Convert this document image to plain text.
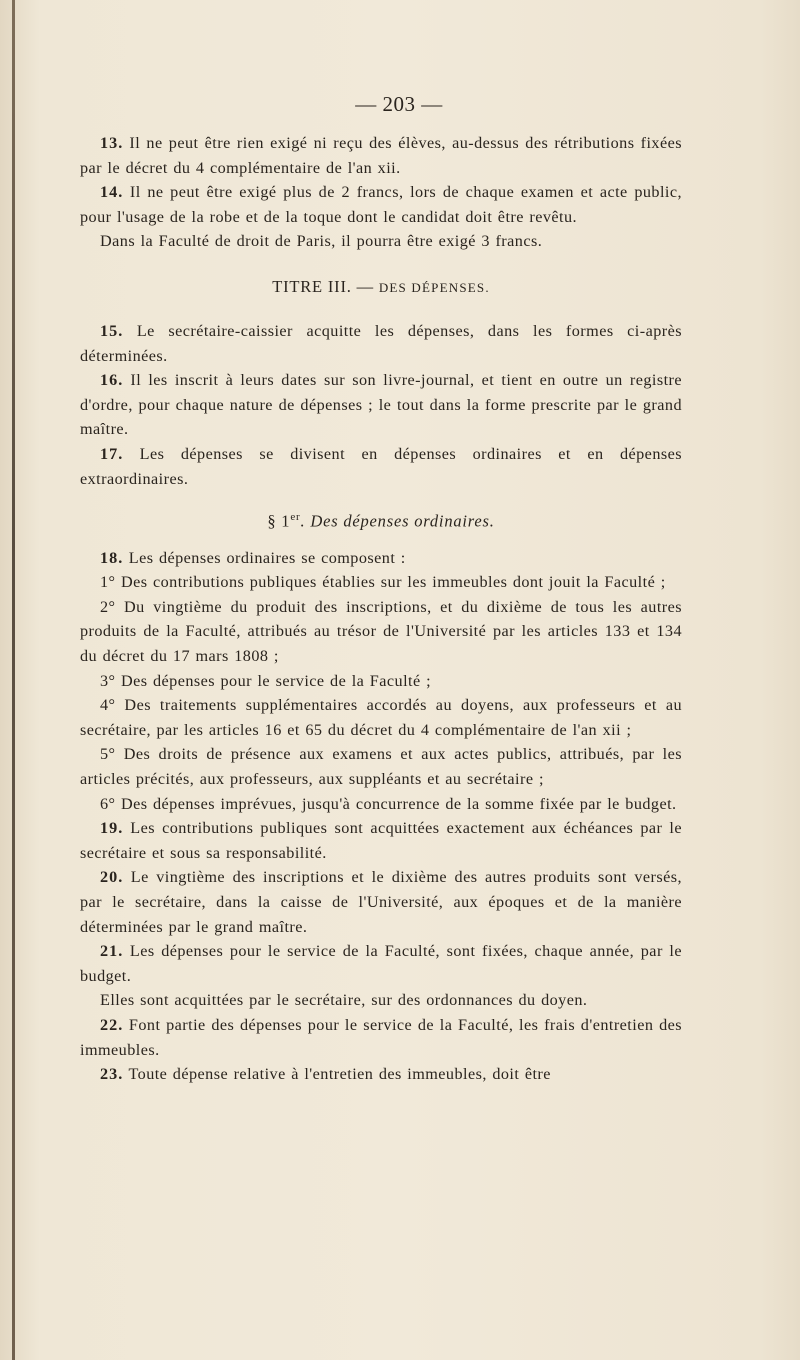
— 203 —

13. Il ne peut être rien exigé ni reçu des élèves, au-dessus des rétributions fixées par le décret du 4 complémentaire de l'an xii.

14. Il ne peut être exigé plus de 2 francs, lors de chaque examen et acte public, pour l'usage de la robe et de la toque dont le candidat doit être revêtu.

Dans la Faculté de droit de Paris, il pourra être exigé 3 francs.

TITRE III. — DES DÉPENSES.

15. Le secrétaire-caissier acquitte les dépenses, dans les formes ci-après déterminées.

16. Il les inscrit à leurs dates sur son livre-journal, et tient en outre un registre d'ordre, pour chaque nature de dépenses ; le tout dans la forme prescrite par le grand maître.

17. Les dépenses se divisent en dépenses ordinaires et en dépenses extraordinaires.

§ 1er. Des dépenses ordinaires.

18. Les dépenses ordinaires se composent :

1° Des contributions publiques établies sur les immeubles dont jouit la Faculté ;

2° Du vingtième du produit des inscriptions, et du dixième de tous les autres produits de la Faculté, attribués au trésor de l'Université par les articles 133 et 134 du décret du 17 mars 1808 ;

3° Des dépenses pour le service de la Faculté ;

4° Des traitements supplémentaires accordés au doyens, aux professeurs et au secrétaire, par les articles 16 et 65 du décret du 4 complémentaire de l'an xii ;

5° Des droits de présence aux examens et aux actes publics, attribués, par les articles précités, aux professeurs, aux suppléants et au secrétaire ;

6° Des dépenses imprévues, jusqu'à concurrence de la somme fixée par le budget.

19. Les contributions publiques sont acquittées exactement aux échéances par le secrétaire et sous sa responsabilité.

20. Le vingtième des inscriptions et le dixième des autres produits sont versés, par le secrétaire, dans la caisse de l'Université, aux époques et de la manière déterminées par le grand maître.

21. Les dépenses pour le service de la Faculté, sont fixées, chaque année, par le budget.

Elles sont acquittées par le secrétaire, sur des ordonnances du doyen.

22. Font partie des dépenses pour le service de la Faculté, les frais d'entretien des immeubles.

23. Toute dépense relative à l'entretien des immeubles, doit être
